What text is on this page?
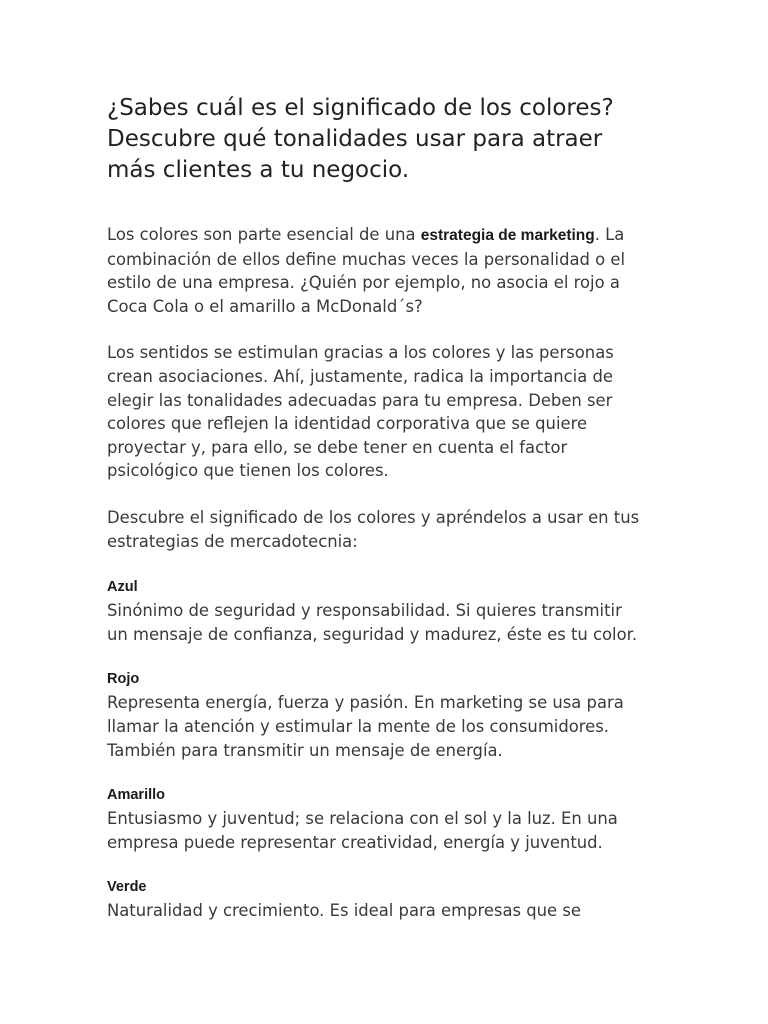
¿Sabes cuál es el significado de los colores?
Descubre qué tonalidades usar para atraer
más clientes a tu negocio.
Los colores son parte esencial de una estrategia de marketing. La
combinación de ellos define muchas veces la personalidad o el
estilo de una empresa. ¿Quién por ejemplo, no asocia el rojo a
Coca Cola o el amarillo a McDonald´s?
Los sentidos se estimulan gracias a los colores y las personas
crean asociaciones. Ahí, justamente, radica la importancia de
elegir las tonalidades adecuadas para tu empresa. Deben ser
colores que reflejen la identidad corporativa que se quiere
proyectar y, para ello, se debe tener en cuenta el factor
psicológico que tienen los colores.
Descubre el significado de los colores y apréndelos a usar en tus
estrategias de mercadotecnia:
Azul
Sinónimo de seguridad y responsabilidad. Si quieres transmitir
un mensaje de confianza, seguridad y madurez, éste es tu color.
Rojo
Representa energía, fuerza y pasión. En marketing se usa para
llamar la atención y estimular la mente de los consumidores.
También para transmitir un mensaje de energía.
Amarillo
Entusiasmo y juventud; se relaciona con el sol y la luz. En una
empresa puede representar creatividad, energía y juventud.
Verde
Naturalidad y crecimiento. Es ideal para empresas que se
